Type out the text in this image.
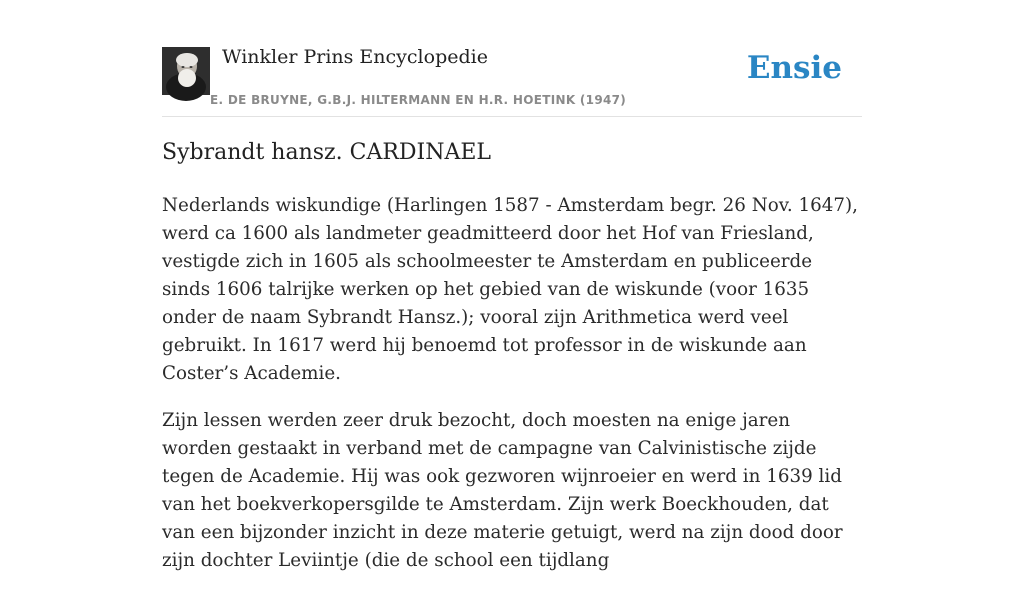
Winkler Prins Encyclopedie
E. DE BRUYNE, G.B.J. HILTERMANN EN H.R. HOETINK (1947)
Ensie
Sybrandt hansz. CARDINAEL

Nederlands wiskundige (Harlingen 1587 - Amsterdam begr. 26 Nov. 1647), werd ca 1600 als landmeter geadmitteerd door het Hof van Friesland, vestigde zich in 1605 als schoolmeester te Amsterdam en publiceerde sinds 1606 talrijke werken op het gebied van de wiskunde (voor 1635 onder de naam Sybrandt Hansz.); vooral zijn Arithmetica werd veel gebruikt. In 1617 werd hij benoemd tot professor in de wiskunde aan Coster’s Academie.

Zijn lessen werden zeer druk bezocht, doch moesten na enige jaren worden gestaakt in verband met de campagne van Calvinistische zijde tegen de Academie. Hij was ook gezworen wijnroeier en werd in 1639 lid van het boekverkopersgilde te Amsterdam. Zijn werk Boeckhouden, dat van een bijzonder inzicht in deze materie getuigt, werd na zijn dood door zijn dochter Leviintje (die de school een tijdlang
